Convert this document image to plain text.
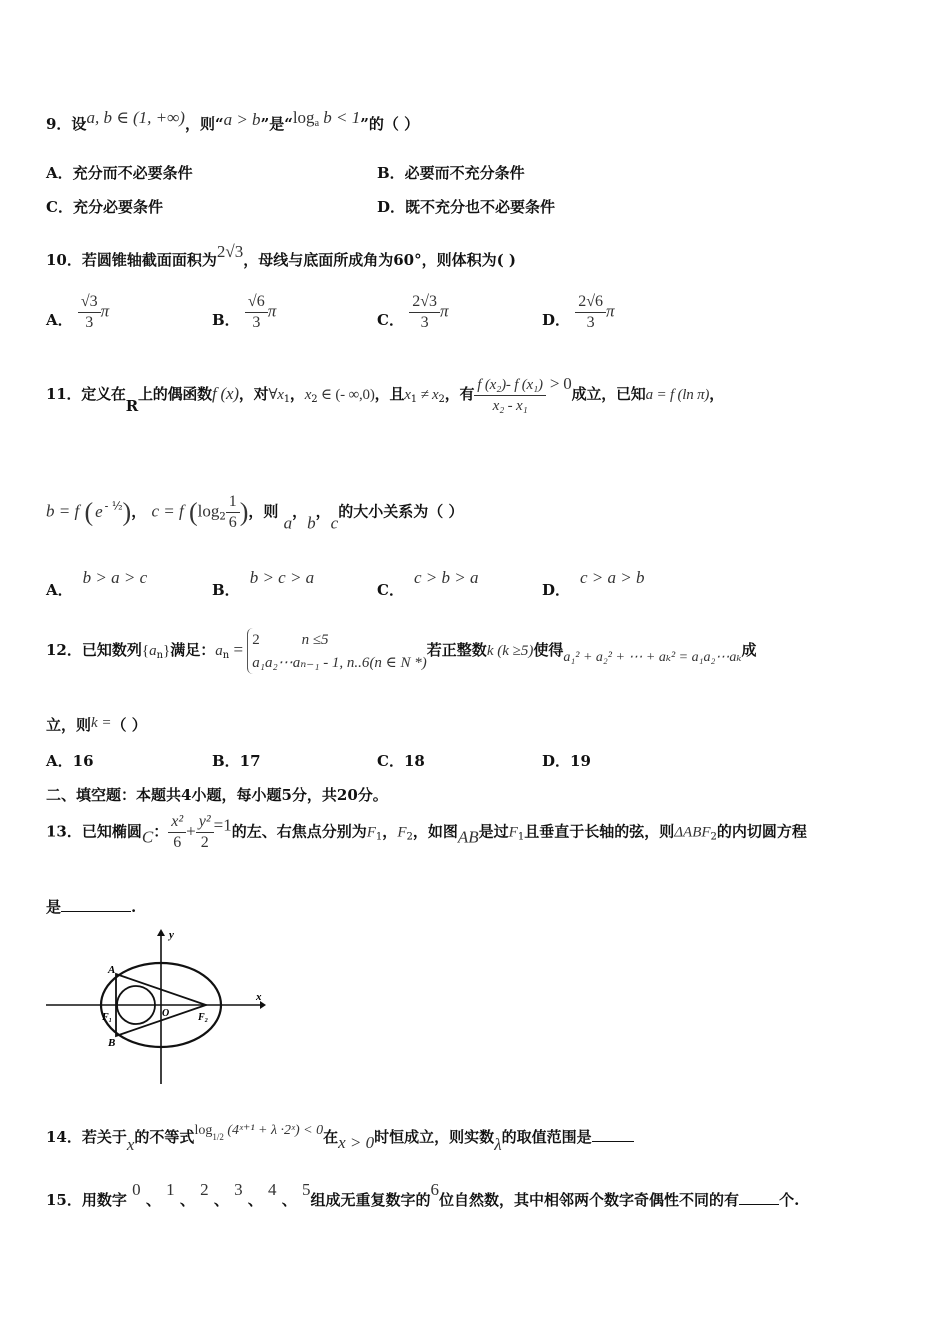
9．设a, b ∈ (1, +∞)，则“a > b”是“$\log_a$ b < 1”的（ ）
A．充分而不必要条件	B．必要而不充分条件
C．充分必要条件	D．既不充分也不必要条件
10．若圆锥轴截面面积为2√3，母线与底面所成角为60°，则体积为( )
A． $\frac{√3}{3}$ π	B． $\frac{√6}{3}$ π	C． $\frac{2√3}{3}$ π	D． $\frac{2√6}{3}$ π
11．定义在R上的偶函数f (x)，对$\forall x_1$，$x_2$ ∈ (- ∞,0)，且$x_1 \ne x_2$，有 $\frac{\text{f (x₂)- f (x₁)}}{\text{x₂ - x₁}} > 0$成立，已知a = f (ln π)，
b = f ( e $^{- \frac{1}{2}}$)， c = f ($\log_2 \frac{1}{6}$ )，则 a，b，c的大小关系为（ ）
A．b > a > c
B．b > c > a
C．c > b > a
D．c > a > b
12．已知数列$\{a_n\}$满足：$a_n = 2$	n ≤5
a₁a₂⋯aₙ₋₁ - 1, n..6(n ∈ N *)
若正整数k (k ≥5)使得a₁² + a₂² + ⋯ + aₖ² = a₁a₂⋯aₖ成
立，则k =（ ）
A．16	B．17	C．18	D．19
二、填空题：本题共4小题，每小题5分，共20分。
13．已知椭圆C： $\frac{\text{x²}}{6} + \frac{\text{y²}}{2} =1$的左、右焦点分别为$F_1$，$F_2$，如图AB是过$F_1$且垂直于长轴的弦，则$\Delta ABF_2$的内切圆方程
是	.
y
x
A
B
F₁	F₂
O
14．若关于x的不等式$\log_{1/2}$ (4ˣ⁺¹ + λ ·2ˣ) < 0在x > 0时恒成立，则实数λ的取值范围是
15．用数字 0 、 1 、 2 、 3 、 4 、 5组成无重复数字的6位自然数，其中相邻两个数字奇偶性不同的有	个.
